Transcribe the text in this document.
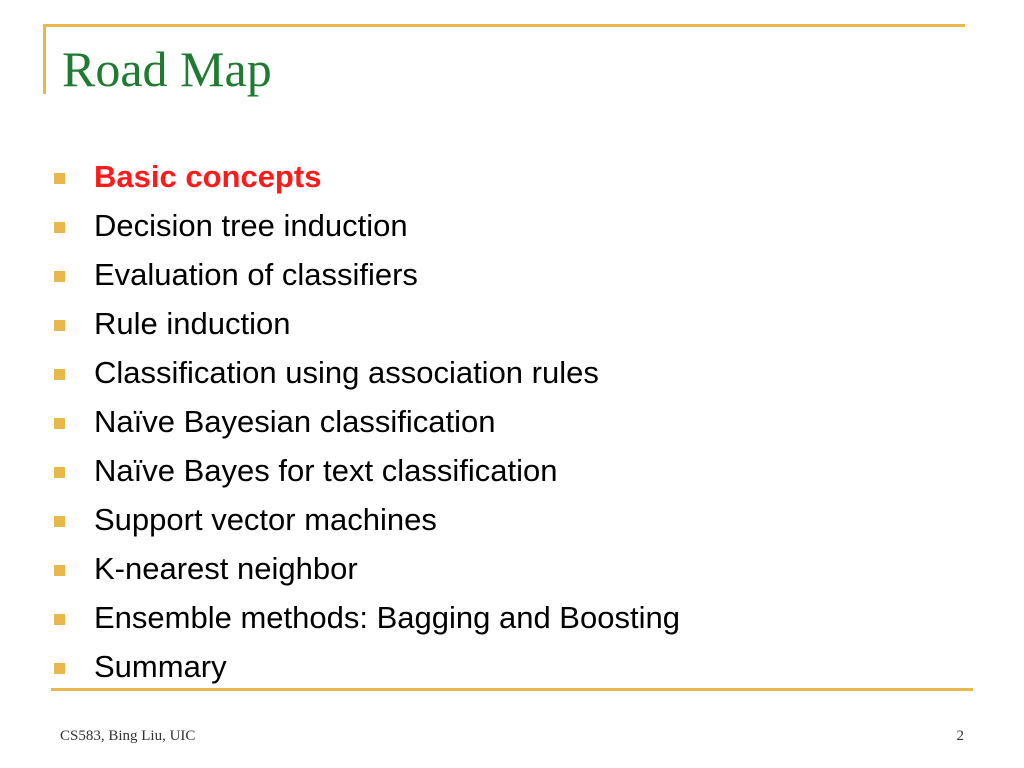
Road Map
Basic concepts
Decision tree induction
Evaluation of classifiers
Rule induction
Classification using association rules
Naïve Bayesian classification
Naïve Bayes for text classification
Support vector machines
K-nearest neighbor
Ensemble methods: Bagging and Boosting
Summary
CS583, Bing Liu, UIC	2
